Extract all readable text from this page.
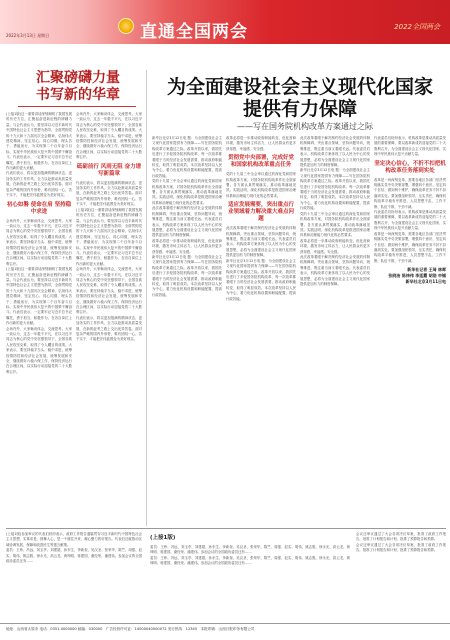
直通全国两会	2022全国两会
2022年3月13日 星期日
汇聚磅礴力量
书写新的华章	为全面建设社会主义现代化国家
提供有力保障
——写在国务院机构改革方案通过之际
(上接1版)这一重要讲话深刻阐明了我国发展的历史方位，汇聚起奋进新征程的磅礴力量。与会代表认为，要坚持以习近平新时代中国特色社会主义思想为指导，全面贯彻党的十九大和十九届历次全会精神，弘扬伟大建党精神，坚定信心、同心同德，埋头苦干、勇毅前行，为实现第二个百年奋斗目标、实现中华民族伟大复兴的中国梦不懈奋斗。代表们表示，一定要牢记习近平总书记嘱托，勇于担当，积极作为，在各自岗位上作出新的更大贡献。
代表们表示，将以更加饱满的精神状态、更加务实的工作作风，全力以赴推动高质量发展，在新的赶考之路上交出优异答卷。面对复杂严峻的国内外形势，唯有团结一心、苦干实干，才能把宏伟蓝图变为美好现实。
初心如磐 使命在肩 坚持稳中求进
会场内外，大家畅谈体会，交流思考。大家一致认为，过去一年极不平凡，在以习近平同志为核心的党中央坚强领导下，全国各族人民攻坚克难，取得了令人瞩目的成绩。大家表示，要坚持稳字当头、稳中求进，统筹疫情防控和经济社会发展，统筹发展和安全，继续做好六稳六保工作，保持经济运行在合理区间，以实际行动迎接党的二十大胜利召开。
(上接1版)这一重要讲话深刻阐明了我国发展的历史方位，汇聚起奋进新征程的磅礴力量。与会代表认为，要坚持以习近平新时代中国特色社会主义思想为指导，全面贯彻党的十九大和十九届历次全会精神，弘扬伟大建党精神，坚定信心、同心同德，埋头苦干、勇毅前行，为实现第二个百年奋斗目标、实现中华民族伟大复兴的中国梦不懈奋斗。代表们表示，一定要牢记习近平总书记嘱托，勇于担当，积极作为，在各自岗位上作出新的更大贡献。
会场内外，大家畅谈体会，交流思考。大家一致认为，过去一年极不平凡，在以习近平同志为核心的党中央坚强领导下，全国各族人民攻坚克难，取得了令人瞩目的成绩。大家表示，要坚持稳字当头、稳中求进，统筹疫情防控和经济社会发展，统筹发展和安全，继续做好六稳六保工作，保持经济运行在合理区间，以实际行动迎接党的二十大胜利召开。
会场内外，大家畅谈体会，交流思考。大家一致认为，过去一年极不平凡，在以习近平同志为核心的党中央坚强领导下，全国各族人民攻坚克难，取得了令人瞩目的成绩。大家表示，要坚持稳字当头、稳中求进，统筹疫情防控和经济社会发展，统筹发展和安全，继续做好六稳六保工作，保持经济运行在合理区间，以实际行动迎接党的二十大胜利召开。
砥砺前行 风雨无阻 奋力谱写新篇章
代表们表示，将以更加饱满的精神状态、更加务实的工作作风，全力以赴推动高质量发展，在新的赶考之路上交出优异答卷。面对复杂严峻的国内外形势，唯有团结一心、苦干实干，才能把宏伟蓝图变为美好现实。
(上接1版)这一重要讲话深刻阐明了我国发展的历史方位，汇聚起奋进新征程的磅礴力量。与会代表认为，要坚持以习近平新时代中国特色社会主义思想为指导，全面贯彻党的十九大和十九届历次全会精神，弘扬伟大建党精神，坚定信心、同心同德，埋头苦干、勇毅前行，为实现第二个百年奋斗目标、实现中华民族伟大复兴的中国梦不懈奋斗。代表们表示，一定要牢记习近平总书记嘱托，勇于担当，积极作为，在各自岗位上作出新的更大贡献。
会场内外，大家畅谈体会，交流思考。大家一致认为，过去一年极不平凡，在以习近平同志为核心的党中央坚强领导下，全国各族人民攻坚克难，取得了令人瞩目的成绩。大家表示，要坚持稳字当头、稳中求进，统筹疫情防控和经济社会发展，统筹发展和安全，继续做好六稳六保工作，保持经济运行在合理区间，以实际行动迎接党的二十大胜利召开。
代表们表示，将以更加饱满的精神状态、更加务实的工作作风，全力以赴推动高质量发展，在新的赶考之路上交出优异答卷。面对复杂严峻的国内外形势，唯有团结一心、苦干实干，才能把宏伟蓝图变为美好现实。
新华社北京3月12日电 题：为全面建设社会主义现代化国家提供有力保障——写在国务院机构改革方案通过之际。改革开放以来，我国先后进行了多轮国务院机构改革，每一次改革都着眼于当时经济社会发展需要，推动政府职能转变，取得了明显成效。本次改革坚持以人民为中心，着力优化机构设置和职能配置，提高行政效能。
党的十九届三中全会审议通过的深化党和国家机构改革方案，对国务院机构改革作出全面部署。各方面认真贯彻落实，推动改革落地见效。实践证明，深化机构改革是推进国家治理体系和治理能力现代化的必然要求。
此次改革着眼于解决制约经济社会发展的体制机制障碍，突出重点领域，坚持问题导向，统筹推进，既注重当前又着眼长远。代表委员们表示，机构改革方案体现了以人民为中心的发展思想，必将为全面建设社会主义现代化国家提供更加有力的制度保障。
改革必将进一步推动政府职能转变，优化营商环境，激发市场主体活力，让人民群众有更多获得感、幸福感、安全感。
新华社北京3月12日电 题：为全面建设社会主义现代化国家提供有力保障——写在国务院机构改革方案通过之际。改革开放以来，我国先后进行了多轮国务院机构改革，每一次改革都着眼于当时经济社会发展需要，推动政府职能转变，取得了明显成效。本次改革坚持以人民为中心，着力优化机构设置和职能配置，提高行政效能。
改革必将进一步推动政府职能转变，优化营商环境，激发市场主体活力，让人民群众有更多获得感、幸福感、安全感。
贯彻党中央部署，完成好党和国家机构改革重点任务
党的十九届三中全会审议通过的深化党和国家机构改革方案，对国务院机构改革作出全面部署。各方面认真贯彻落实，推动改革落地见效。实践证明，深化机构改革是推进国家治理体系和治理能力现代化的必然要求。
适应发展需要，突出重点行业领域着力解决重大难点问题
此次改革着眼于解决制约经济社会发展的体制机制障碍，突出重点领域，坚持问题导向，统筹推进，既注重当前又着眼长远。代表委员们表示，机构改革方案体现了以人民为中心的发展思想，必将为全面建设社会主义现代化国家提供更加有力的制度保障。
新华社北京3月12日电 题：为全面建设社会主义现代化国家提供有力保障——写在国务院机构改革方案通过之际。改革开放以来，我国先后进行了多轮国务院机构改革，每一次改革都着眼于当时经济社会发展需要，推动政府职能转变，取得了明显成效。本次改革坚持以人民为中心，着力优化机构设置和职能配置，提高行政效能。
此次改革着眼于解决制约经济社会发展的体制机制障碍，突出重点领域，坚持问题导向，统筹推进，既注重当前又着眼长远。代表委员们表示，机构改革方案体现了以人民为中心的发展思想，必将为全面建设社会主义现代化国家提供更加有力的制度保障。
新华社北京3月12日电 题：为全面建设社会主义现代化国家提供有力保障——写在国务院机构改革方案通过之际。改革开放以来，我国先后进行了多轮国务院机构改革，每一次改革都着眼于当时经济社会发展需要，推动政府职能转变，取得了明显成效。本次改革坚持以人民为中心，着力优化机构设置和职能配置，提高行政效能。
党的十九届三中全会审议通过的深化党和国家机构改革方案，对国务院机构改革作出全面部署。各方面认真贯彻落实，推动改革落地见效。实践证明，深化机构改革是推进国家治理体系和治理能力现代化的必然要求。
改革必将进一步推动政府职能转变，优化营商环境，激发市场主体活力，让人民群众有更多获得感、幸福感、安全感。
此次改革着眼于解决制约经济社会发展的体制机制障碍，突出重点领域，坚持问题导向，统筹推进，既注重当前又着眼长远。代表委员们表示，机构改革方案体现了以人民为中心的发展思想，必将为全面建设社会主义现代化国家提供更加有力的制度保障。
代表委员们纷纷表示，机构改革是推动高质量发展的重要保障，要以改革新成效迎接党的二十大胜利召开，为全面建设社会主义现代化国家、实现中华民族伟大复兴贡献力量。
坚定决心信心，不折不扣把机构改革任务落到实处
改革是一场深刻变革，需要各地区各部门坚决贯彻落实党中央决策部署，增强四个意识、坚定四个自信、做到两个维护，确保改革任务不折不扣落到实处。要加强组织领导，压实责任，确保机构改革平稳有序推进，人员思想不乱、工作不断、队伍不散、干劲不减。
代表委员们纷纷表示，机构改革是推动高质量发展的重要保障，要以改革新成效迎接党的二十大胜利召开，为全面建设社会主义现代化国家、实现中华民族伟大复兴贡献力量。
改革是一场深刻变革，需要各地区各部门坚决贯彻落实党中央决策部署，增强四个意识、坚定四个自信、做到两个维护，确保改革任务不折不扣落到实处。要加强组织领导，压实责任，确保机构改革平稳有序推进，人员思想不乱、工作不断、队伍不散、干劲不减。
新华社记者 王琦 林晖
张晓洁 陈炜伟 李延霞 胡浩 申铖
新华社北京3月11日电
(上接1版)参加审议的代表们纷纷表示，政府工作报告通篇贯穿习近平新时代中国特色社会主义思想，实事求是、鼓舞人心，是一个继往开来、凝心聚力的好报告。代表们还就推动区域协调发展、保障和改善民生等建言献策。
委员：王炜、冯远、刘玉亭、刘建超、孙东生、李新奎、吴汉圣、张荣华、陈竺、周强、赵实、胡伟、姚志胜、徐永光、高云龙、黄坤明、蒋建国、谢经荣、潘建伟。参加会议的全国政协委员还有……
(上接1版)
委员：王炜、冯远、刘玉亭、刘建超、孙东生、李新奎、吴汉圣、张荣华、陈竺、周强、赵实、胡伟、姚志胜、徐永光、高云龙、黄坤明、蒋建国、谢经荣、潘建伟。参加会议的全国政协委员还有……
委员：王炜、冯远、刘玉亭、刘建超、孙东生、李新奎、吴汉圣、张荣华、陈竺、周强、赵实、胡伟、姚志胜、徐永光、高云龙、黄坤明、蒋建国、谢经荣、潘建伟。参加会议的全国政协委员还有……
会议还审议通过了大会各项决议草案，批准了政府工作报告，批准了计划报告和计划，批准了预算报告和预算。
会议还审议通过了大会各项决议草案，批准了政府工作报告，批准了计划报告和计划，批准了预算报告和预算。
地址：山西省太原市 电话：0351-0000000 邮编：030000 广告经营许可证：14000040000072 发行热线：12345 本报印刷：山西日报印务有限公司
